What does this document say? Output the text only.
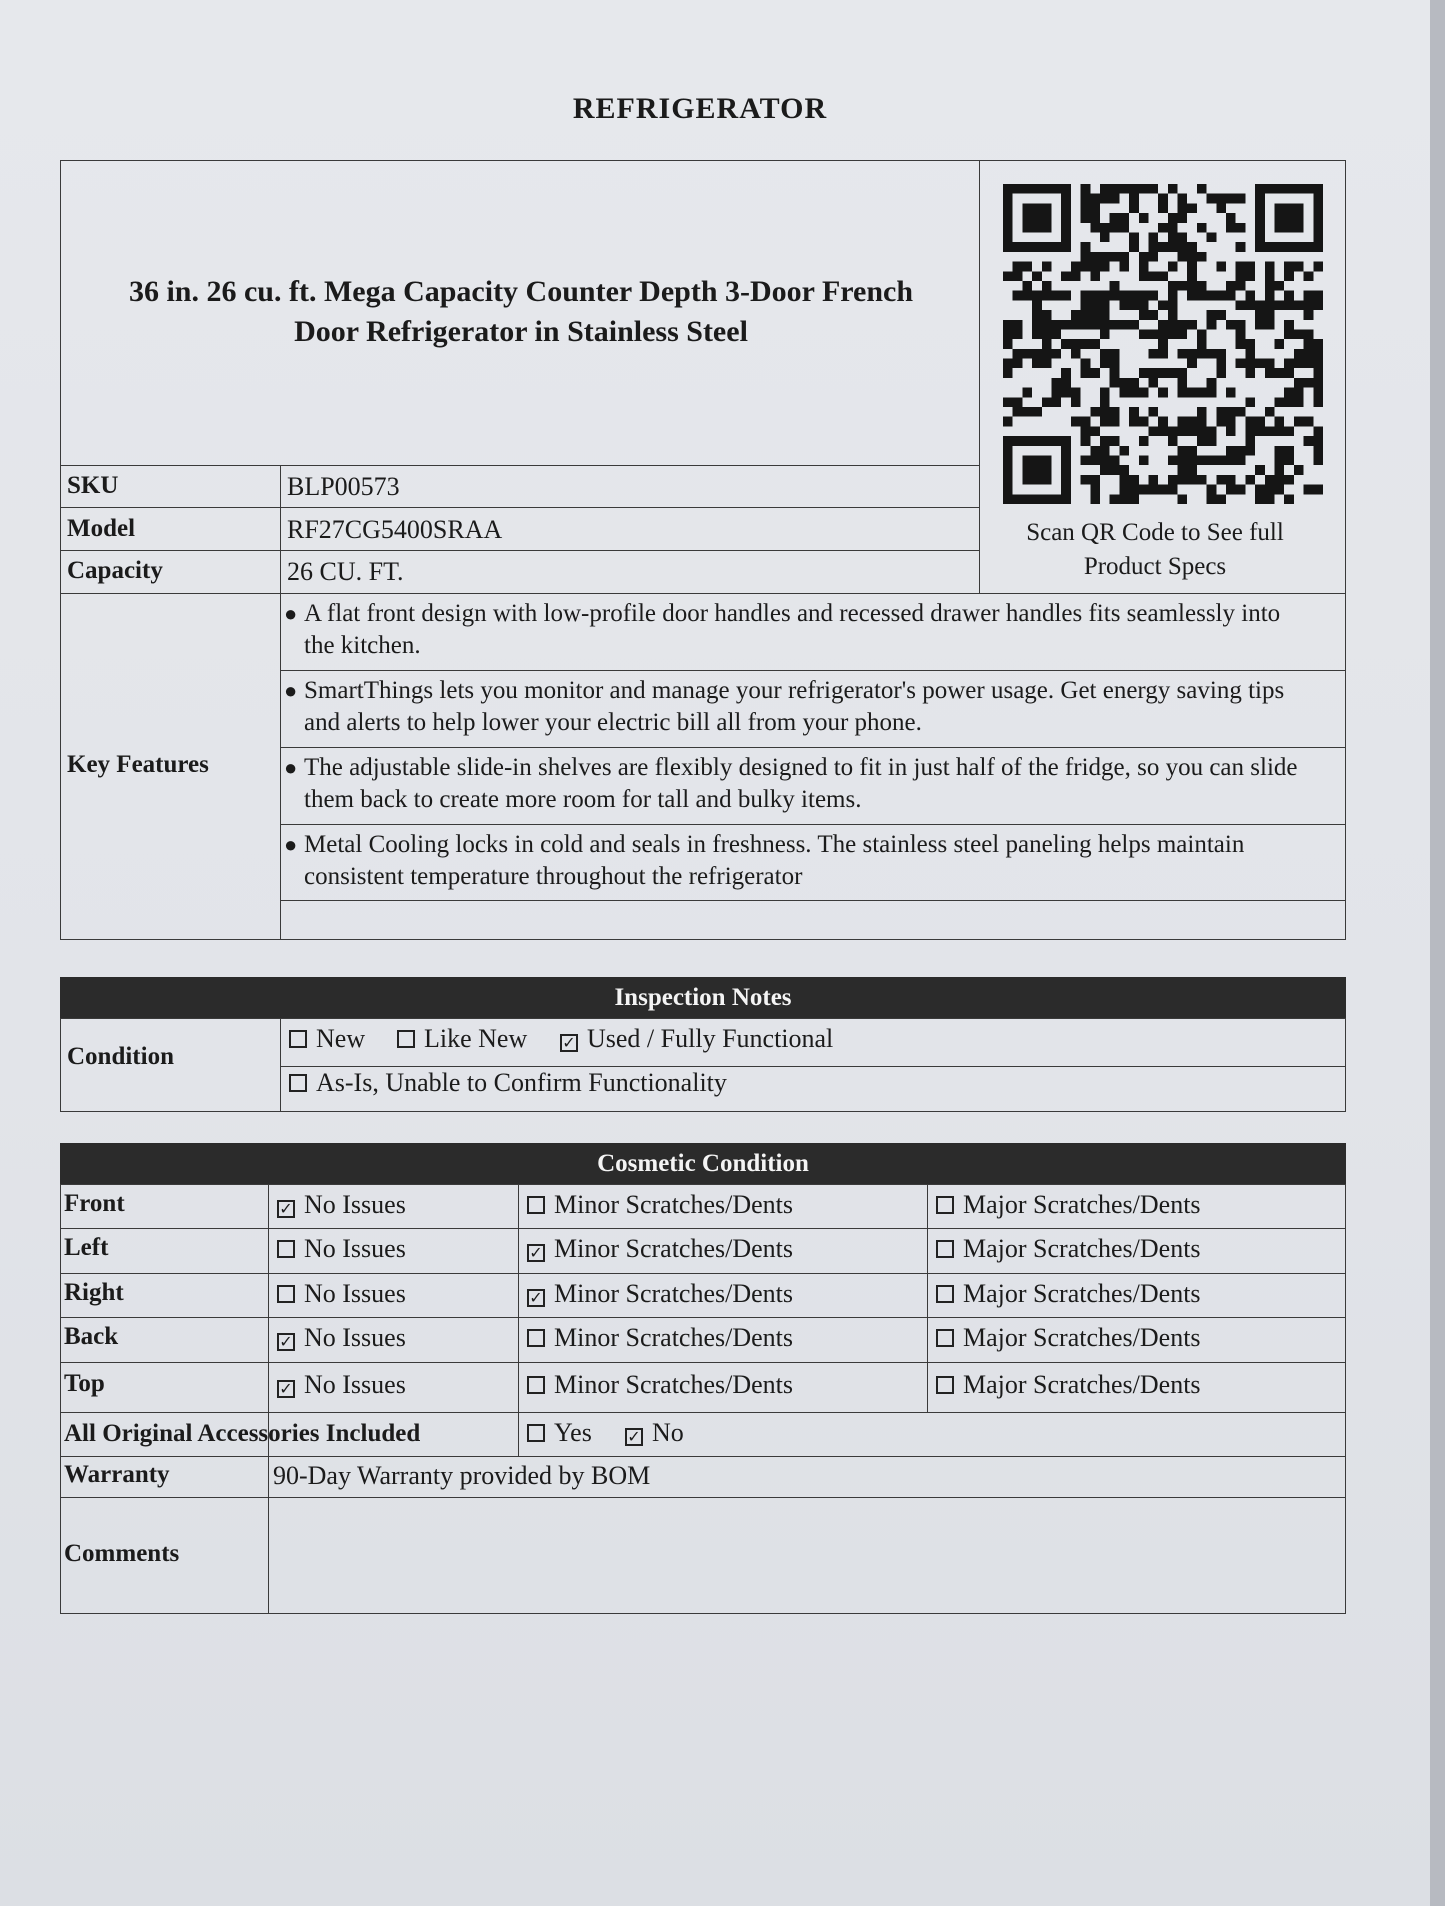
REFRIGERATOR
36 in. 26 cu. ft. Mega Capacity Counter Depth 3-Door French
Door Refrigerator in Stainless Steel
Scan QR Code to See full
Product Specs
SKU	BLP00573
Model	RF27CG5400SRAA
Capacity	26 CU. FT.
Key Features
● A flat front design with low-profile door handles and recessed drawer handles fits seamlessly into the kitchen.
● SmartThings lets you monitor and manage your refrigerator's power usage. Get energy saving tips and alerts to help lower your electric bill all from your phone.
● The adjustable slide-in shelves are flexibly designed to fit in just half of the fridge, so you can slide them back to create more room for tall and bulky items.
● Metal Cooling locks in cold and seals in freshness. The stainless steel paneling helps maintain consistent temperature throughout the refrigerator
Inspection Notes
Condition
New	Like New ✓ Used / Fully Functional
As-Is, Unable to Confirm Functionality
Cosmetic Condition
Front	✓ No Issues	Minor Scratches/Dents	Major Scratches/Dents
Left	No Issues	✓ Minor Scratches/Dents	Major Scratches/Dents
Right	No Issues	✓ Minor Scratches/Dents	Major Scratches/Dents
Back	✓ No Issues	Minor Scratches/Dents	Major Scratches/Dents
Top	✓ No Issues	Minor Scratches/Dents	Major Scratches/Dents
All Original Accessories Included	Yes ✓ No
Warranty	90-Day Warranty provided by BOM
Comments
